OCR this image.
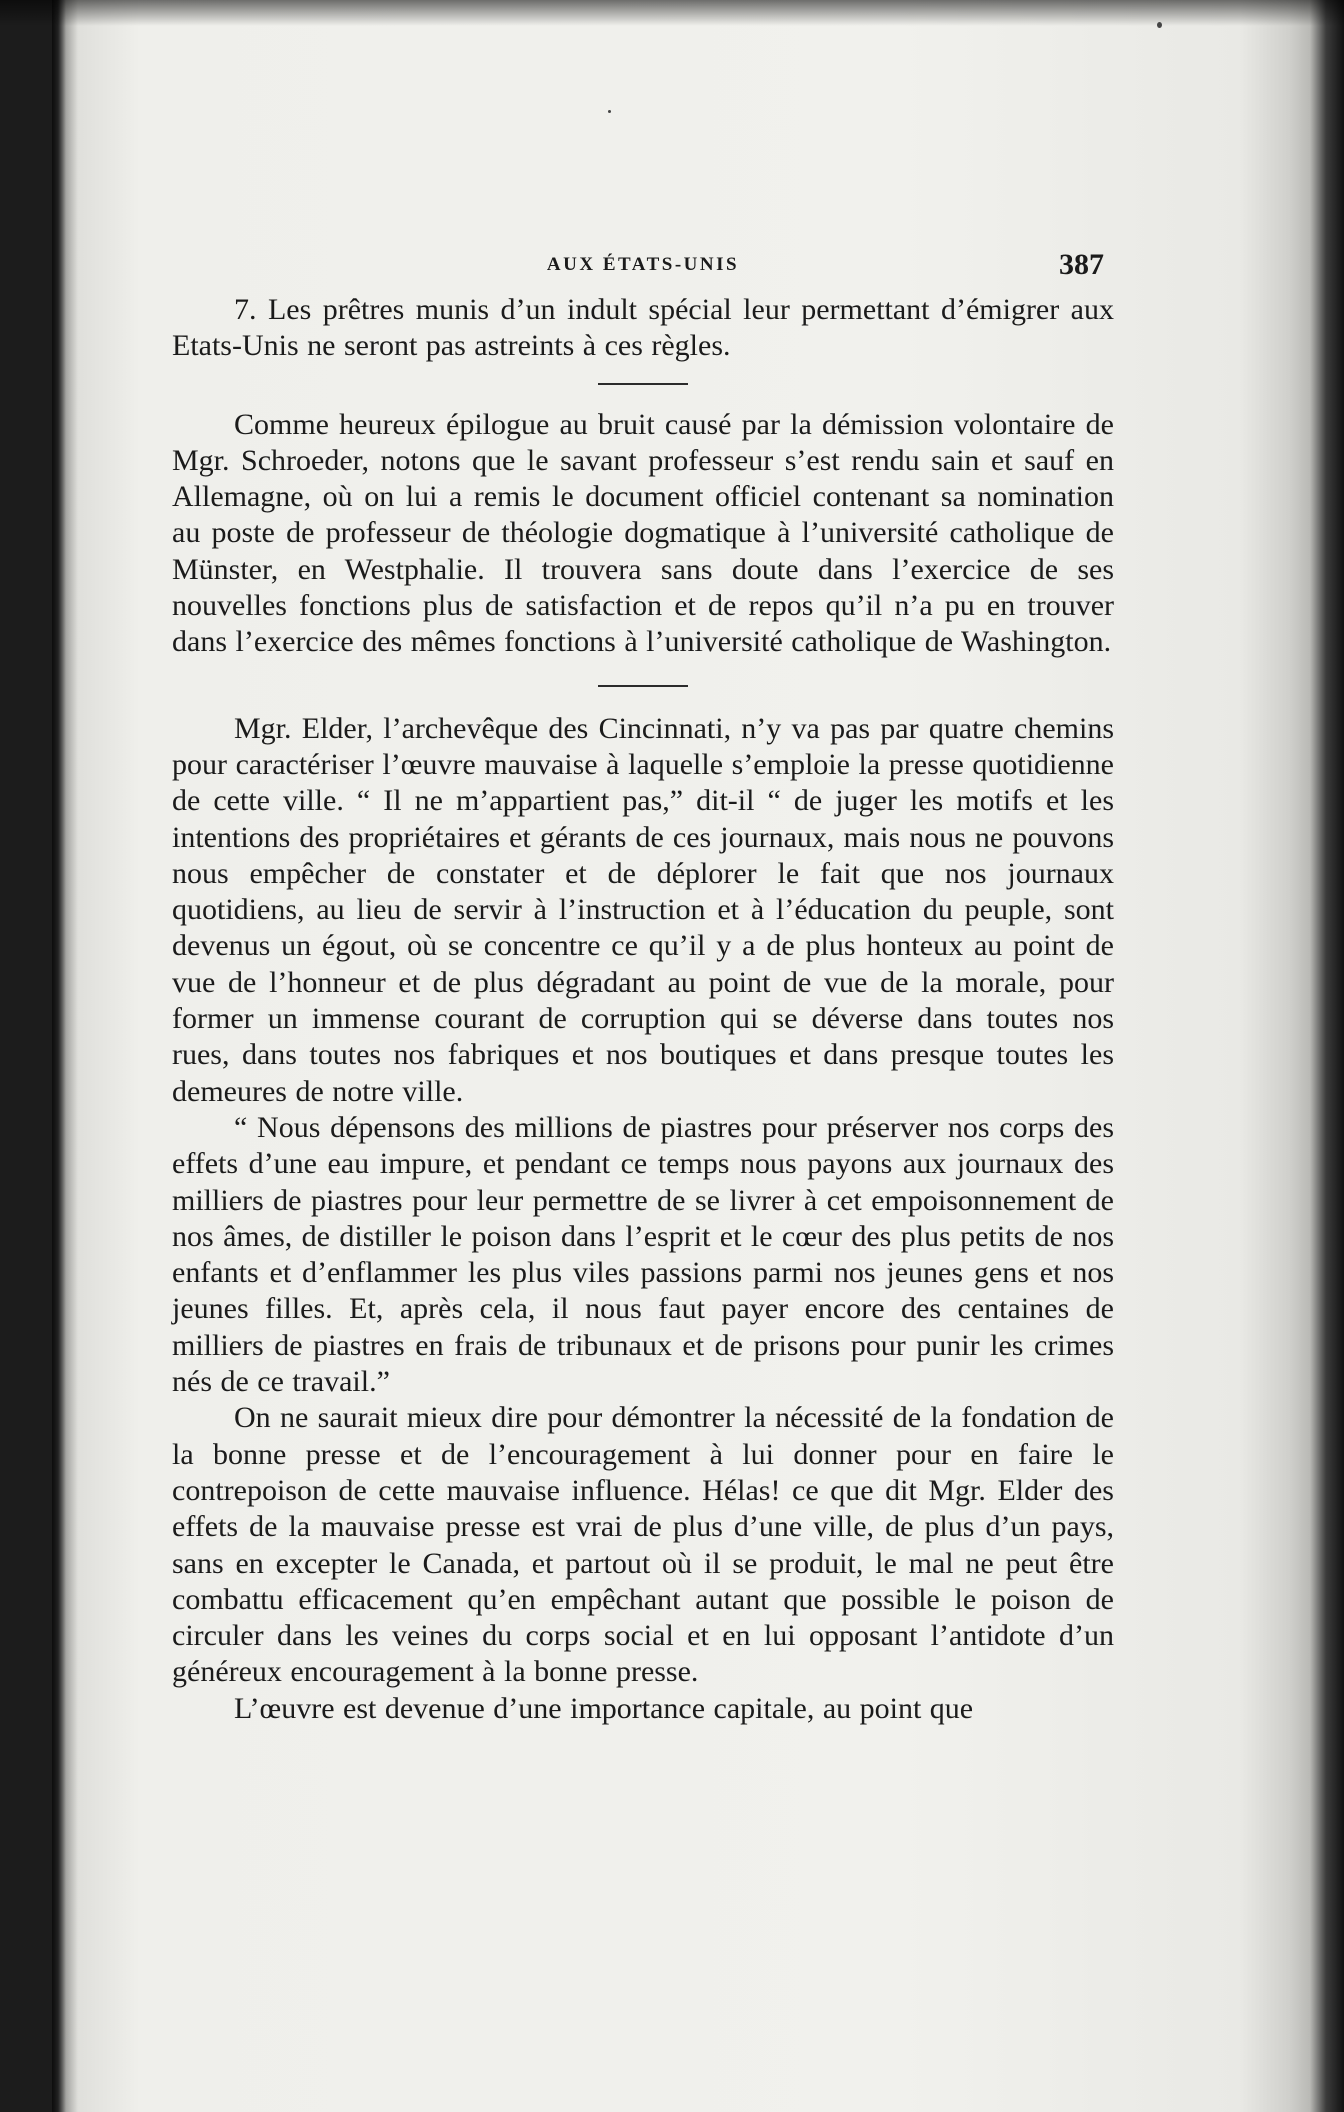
AUX ÉTATS-UNIS	387

7. Les prêtres munis d’un indult spécial leur permettant d’émigrer aux Etats-Unis ne seront pas astreints à ces règles.

Comme heureux épilogue au bruit causé par la démission volontaire de Mgr. Schroeder, notons que le savant professeur s’est rendu sain et sauf en Allemagne, où on lui a remis le document officiel contenant sa nomination au poste de professeur de théologie dogmatique à l’université catholique de Münster, en Westphalie. Il trouvera sans doute dans l’exercice de ses nouvelles fonctions plus de satisfaction et de repos qu’il n’a pu en trouver dans l’exercice des mêmes fonctions à l’université catholique de Washington.

Mgr. Elder, l’archevêque des Cincinnati, n’y va pas par quatre chemins pour caractériser l’œuvre mauvaise à laquelle s’emploie la presse quotidienne de cette ville. “ Il ne m’appartient pas,” dit-il “ de juger les motifs et les intentions des propriétaires et gérants de ces journaux, mais nous ne pouvons nous empêcher de constater et de déplorer le fait que nos journaux quotidiens, au lieu de servir à l’instruction et à l’éducation du peuple, sont devenus un égout, où se concentre ce qu’il y a de plus honteux au point de vue de l’honneur et de plus dégradant au point de vue de la morale, pour former un immense courant de corruption qui se déverse dans toutes nos rues, dans toutes nos fabriques et nos boutiques et dans presque toutes les demeures de notre ville.

“ Nous dépensons des millions de piastres pour préserver nos corps des effets d’une eau impure, et pendant ce temps nous payons aux journaux des milliers de piastres pour leur permettre de se livrer à cet empoisonnement de nos âmes, de distiller le poison dans l’esprit et le cœur des plus petits de nos enfants et d’enflammer les plus viles passions parmi nos jeunes gens et nos jeunes filles. Et, après cela, il nous faut payer encore des centaines de milliers de piastres en frais de tribunaux et de prisons pour punir les crimes nés de ce travail.”

On ne saurait mieux dire pour démontrer la nécessité de la fondation de la bonne presse et de l’encouragement à lui donner pour en faire le contrepoison de cette mauvaise influence. Hélas! ce que dit Mgr. Elder des effets de la mauvaise presse est vrai de plus d’une ville, de plus d’un pays, sans en excepter le Canada, et partout où il se produit, le mal ne peut être combattu efficacement qu’en empêchant autant que possible le poison de circuler dans les veines du corps social et en lui opposant l’antidote d’un généreux encouragement à la bonne presse.

L’œuvre est devenue d’une importance capitale, au point que
